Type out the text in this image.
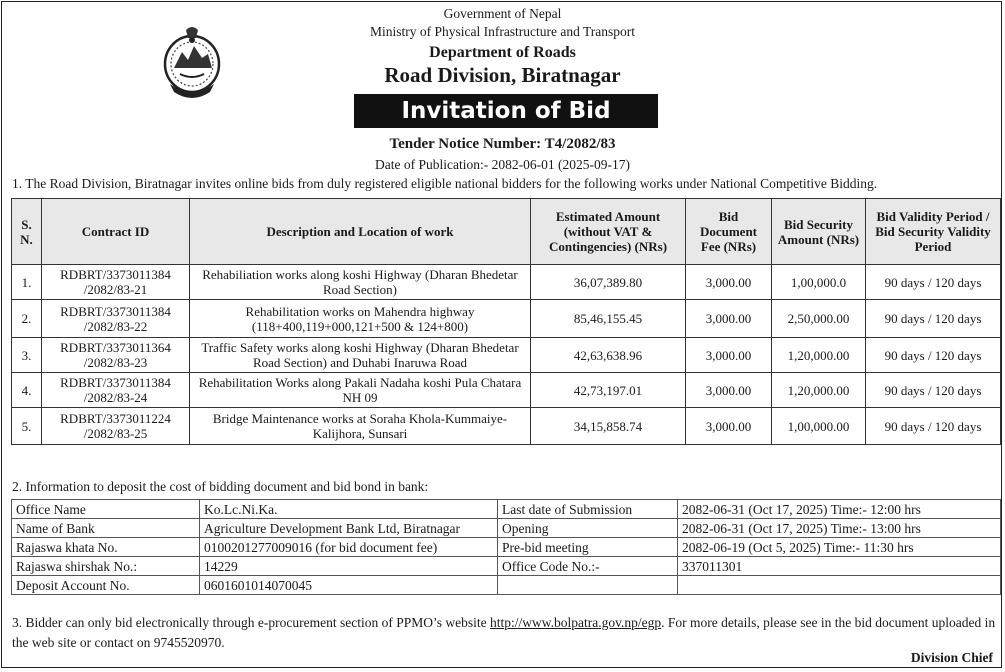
Government of Nepal
Ministry of Physical Infrastructure and Transport
Department of Roads
Road Division, Biratnagar
Invitation of Bid
Tender Notice Number: T4/2082/83
Date of Publication:- 2082-06-01 (2025-09-17)
1. The Road Division, Biratnagar invites online bids from duly registered eligible national bidders for the following works under National Competitive Bidding.
S. N.	Contract ID	Description and Location of work	Estimated Amount (without VAT & Contingencies) (NRs)	Bid Document Fee (NRs)	Bid Security Amount (NRs)	Bid Validity Period / Bid Security Validity Period
1.	RDBRT/3373011384 /2082/83-21	Rehabiliation works along koshi Highway (Dharan Bhedetar Road Section)	36,07,389.80	3,000.00	1,00,000.0	90 days / 120 days
2.	RDBRT/3373011384 /2082/83-22	Rehabilitation works on Mahendra highway (118+400,119+000,121+500 & 124+800)	85,46,155.45	3,000.00	2,50,000.00	90 days / 120 days
3.	RDBRT/3373011364 /2082/83-23	Traffic Safety works along koshi Highway (Dharan Bhedetar Road Section) and Duhabi Inaruwa Road	42,63,638.96	3,000.00	1,20,000.00	90 days / 120 days
4.	RDBRT/3373011384 /2082/83-24	Rehabilitation Works along Pakali Nadaha koshi Pula Chatara NH 09	42,73,197.01	3,000.00	1,20,000.00	90 days / 120 days
5.	RDBRT/3373011224 /2082/83-25	Bridge Maintenance works at Soraha Khola-Kummaiye- Kalijhora, Sunsari	34,15,858.74	3,000.00	1,00,000.00	90 days / 120 days
2. Information to deposit the cost of bidding document and bid bond in bank:
Office Name	Ko.Lc.Ni.Ka.	Last date of Submission	2082-06-31 (Oct 17, 2025) Time:- 12:00 hrs
Name of Bank	Agriculture Development Bank Ltd, Biratnagar	Opening	2082-06-31 (Oct 17, 2025) Time:- 13:00 hrs
Rajaswa khata No.	0100201277009016 (for bid document fee)	Pre-bid meeting	2082-06-19 (Oct 5, 2025) Time:- 11:30 hrs
Rajaswa shirshak No.:	14229	Office Code No.:-	337011301
Deposit Account No.	0601601014070045		
3. Bidder can only bid electronically through e-procurement section of PPMO’s website http://www.bolpatra.gov.np/egp. For more details, please see in the bid document uploaded in the web site or contact on 9745520970.
Division Chief
